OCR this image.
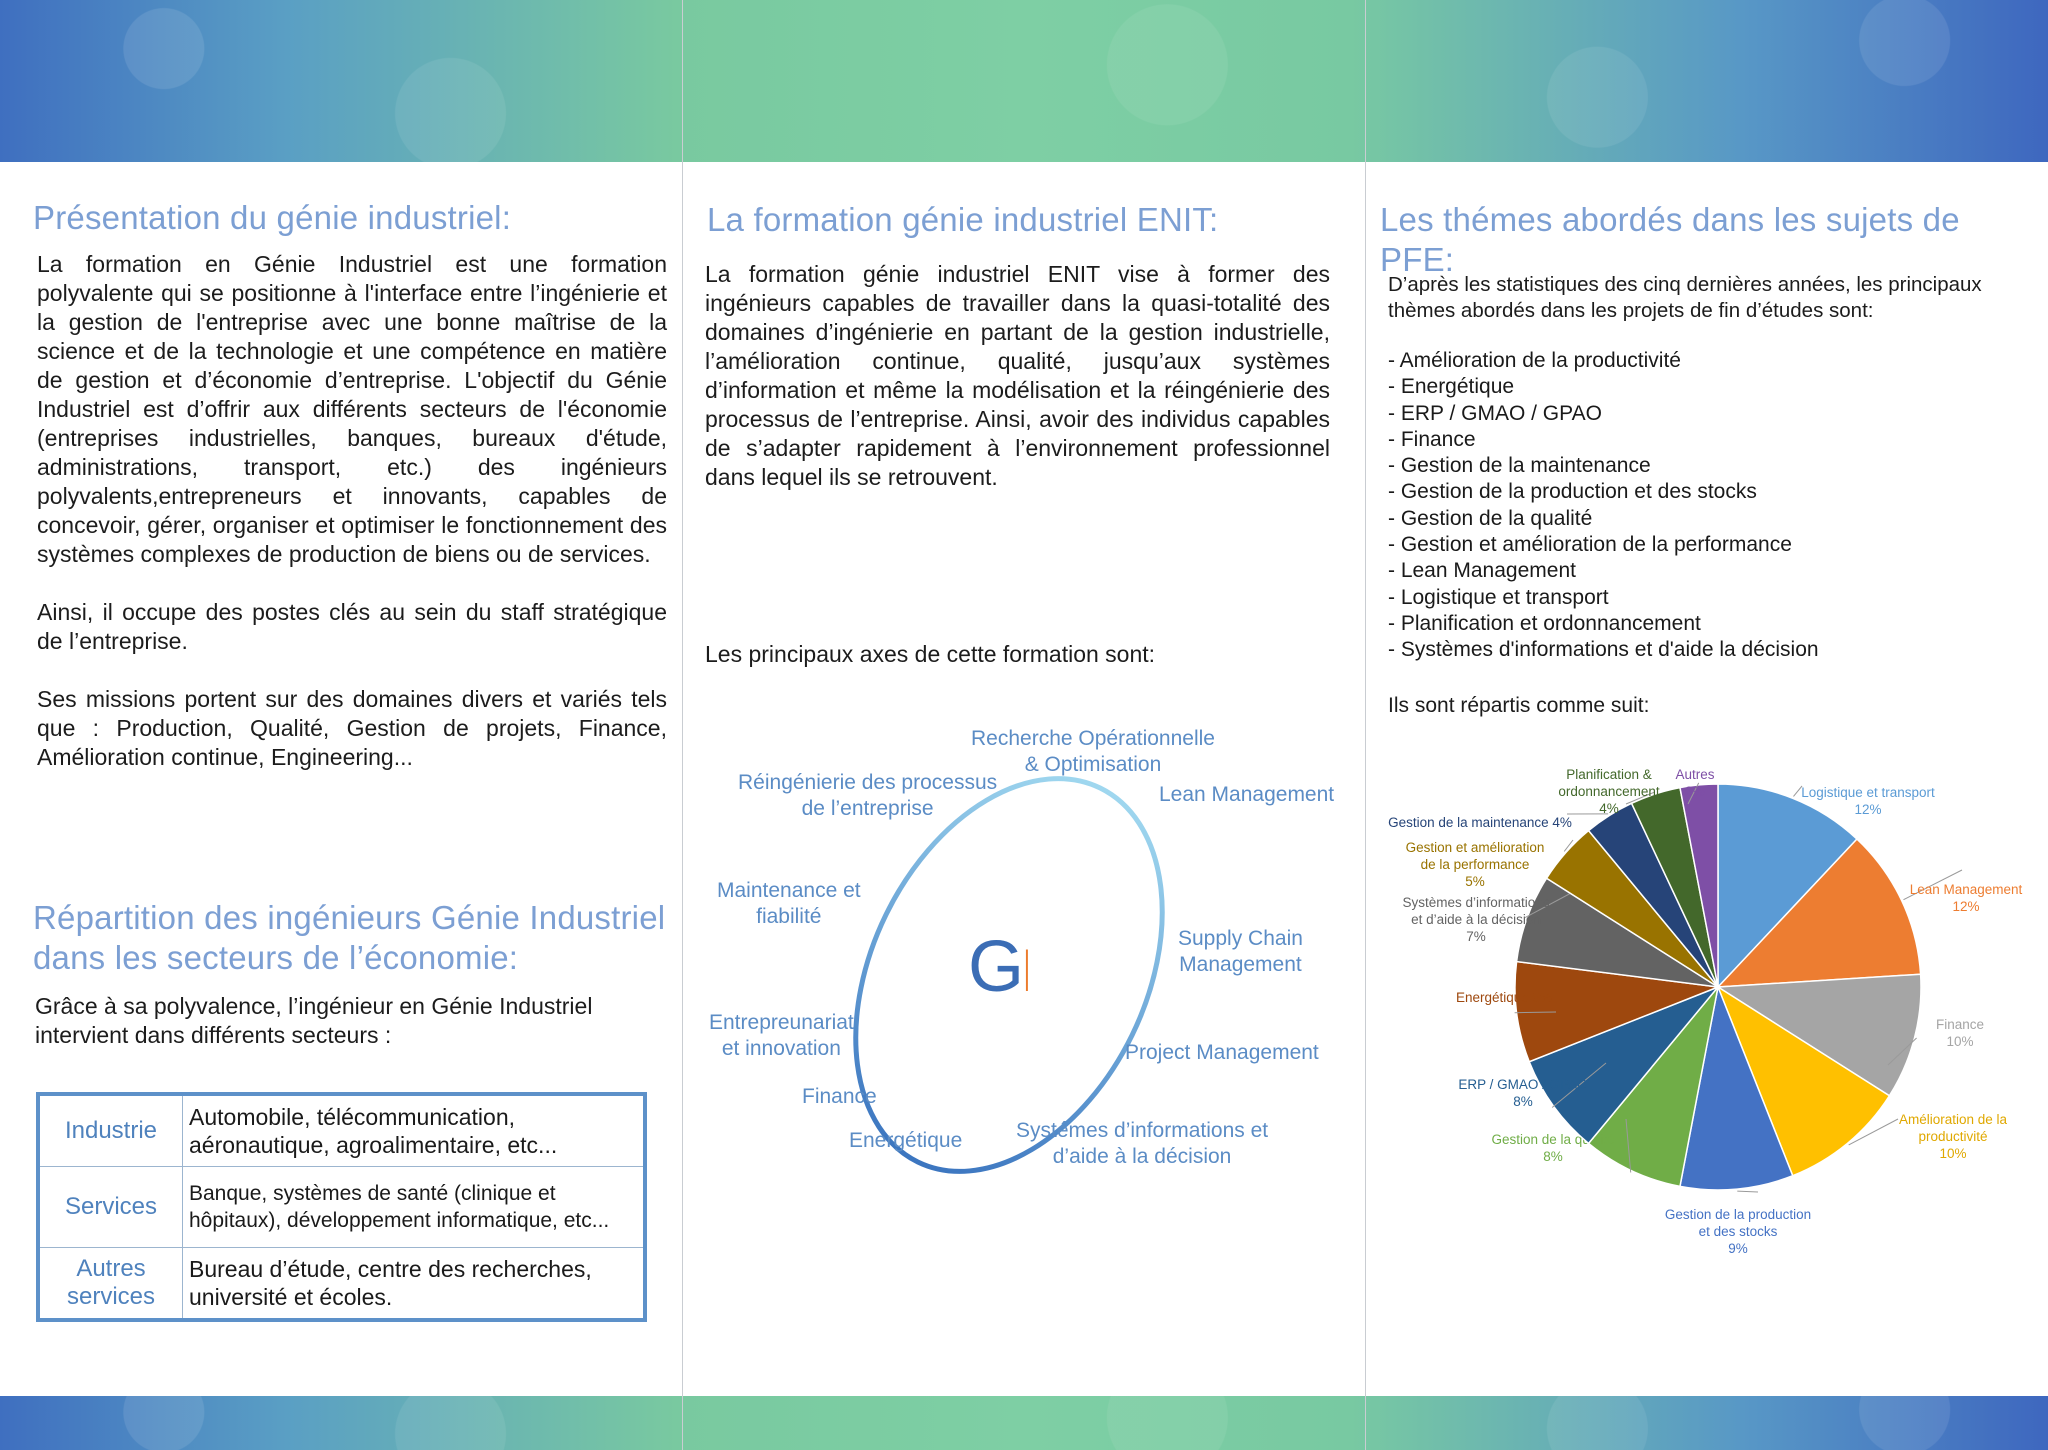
Présentation du génie industriel:

La formation en Génie Industriel est une formation polyvalente qui se positionne à l'interface entre l’ingénierie et la gestion de l'entreprise avec une bonne maîtrise de la science et de la technologie et une compétence en matière de gestion et d’économie d’entreprise. L'objectif du Génie Industriel est d’offrir aux différents secteurs de l'économie (entreprises industrielles, banques, bureaux d'étude, administrations, transport, etc.) des ingénieurs polyvalents,entrepreneurs et innovants, capables de concevoir, gérer, organiser et optimiser le fonctionnement des systèmes complexes de production de biens ou de services.

Ainsi, il occupe des postes clés au sein du staff stratégique de l’entreprise.

Ses missions portent sur des domaines divers et variés tels que : Production, Qualité, Gestion de projets, Finance, Amélioration continue, Engineering...

Répartition des ingénieurs Génie Industriel
dans les secteurs de l’économie:
Grâce à sa polyvalence, l’ingénieur en Génie Industriel
intervient dans différents secteurs :
Industrie	Automobile, télécommunication,
aéronautique, agroalimentaire, etc...
Services	Banque, systèmes de santé (clinique et
hôpitaux), développement informatique, etc...
Autres
services	Bureau d’étude, centre des recherches,
université et écoles.
La formation génie industriel ENIT:

La formation génie industriel ENIT vise à former des ingénieurs capables de travailler dans la quasi-totalité des domaines d’ingénierie en partant de la gestion industrielle, l’amélioration continue, qualité, jusqu’aux systèmes d’information et même la modélisation et la réingénierie des processus de l’entreprise. Ainsi, avoir des individus capables de s’adapter rapidement à l’environnement professionnel dans lequel ils se retrouvent.

Les principaux axes de cette formation sont:

GI
Recherche Opérationnelle
& Optimisation
Réingénierie des processus
de l’entreprise
Lean Management
Maintenance et
fiabilité
Supply Chain
Management
Entrepreunariat
et innovation	Project Management
Finance
Energétique	Systémes d’informations et
d’aide à la décision
Les thémes abordés dans les sujets de PFE:
D’après les statistiques des cinq dernières années, les principaux
thèmes abordés dans les projets de fin d’études sont:
- Amélioration de la productivité
- Energétique
- ERP / GMAO / GPAO
- Finance
- Gestion de la maintenance
- Gestion de la production et des stocks
- Gestion de la qualité
- Gestion et amélioration de la performance
- Lean Management
- Logistique et transport
- Planification et ordonnancement
- Systèmes d'informations et d'aide la décision

Ils sont répartis comme suit:

Logistique et transport 12%
Lean Management 12%
Finance 10%
Amélioration de la productivité 10%
Gestion de la production et des stocks 9%
Gestion de la qualité 8%
ERP / GMAO / GPAO 8%
Energétique 8%
Systèmes d’informations et d’aide à la décision 7%
Gestion et amélioration de la performance 5%
Gestion de la maintenance 4%
Planification & ordonnancement 4%
Autres 3%
